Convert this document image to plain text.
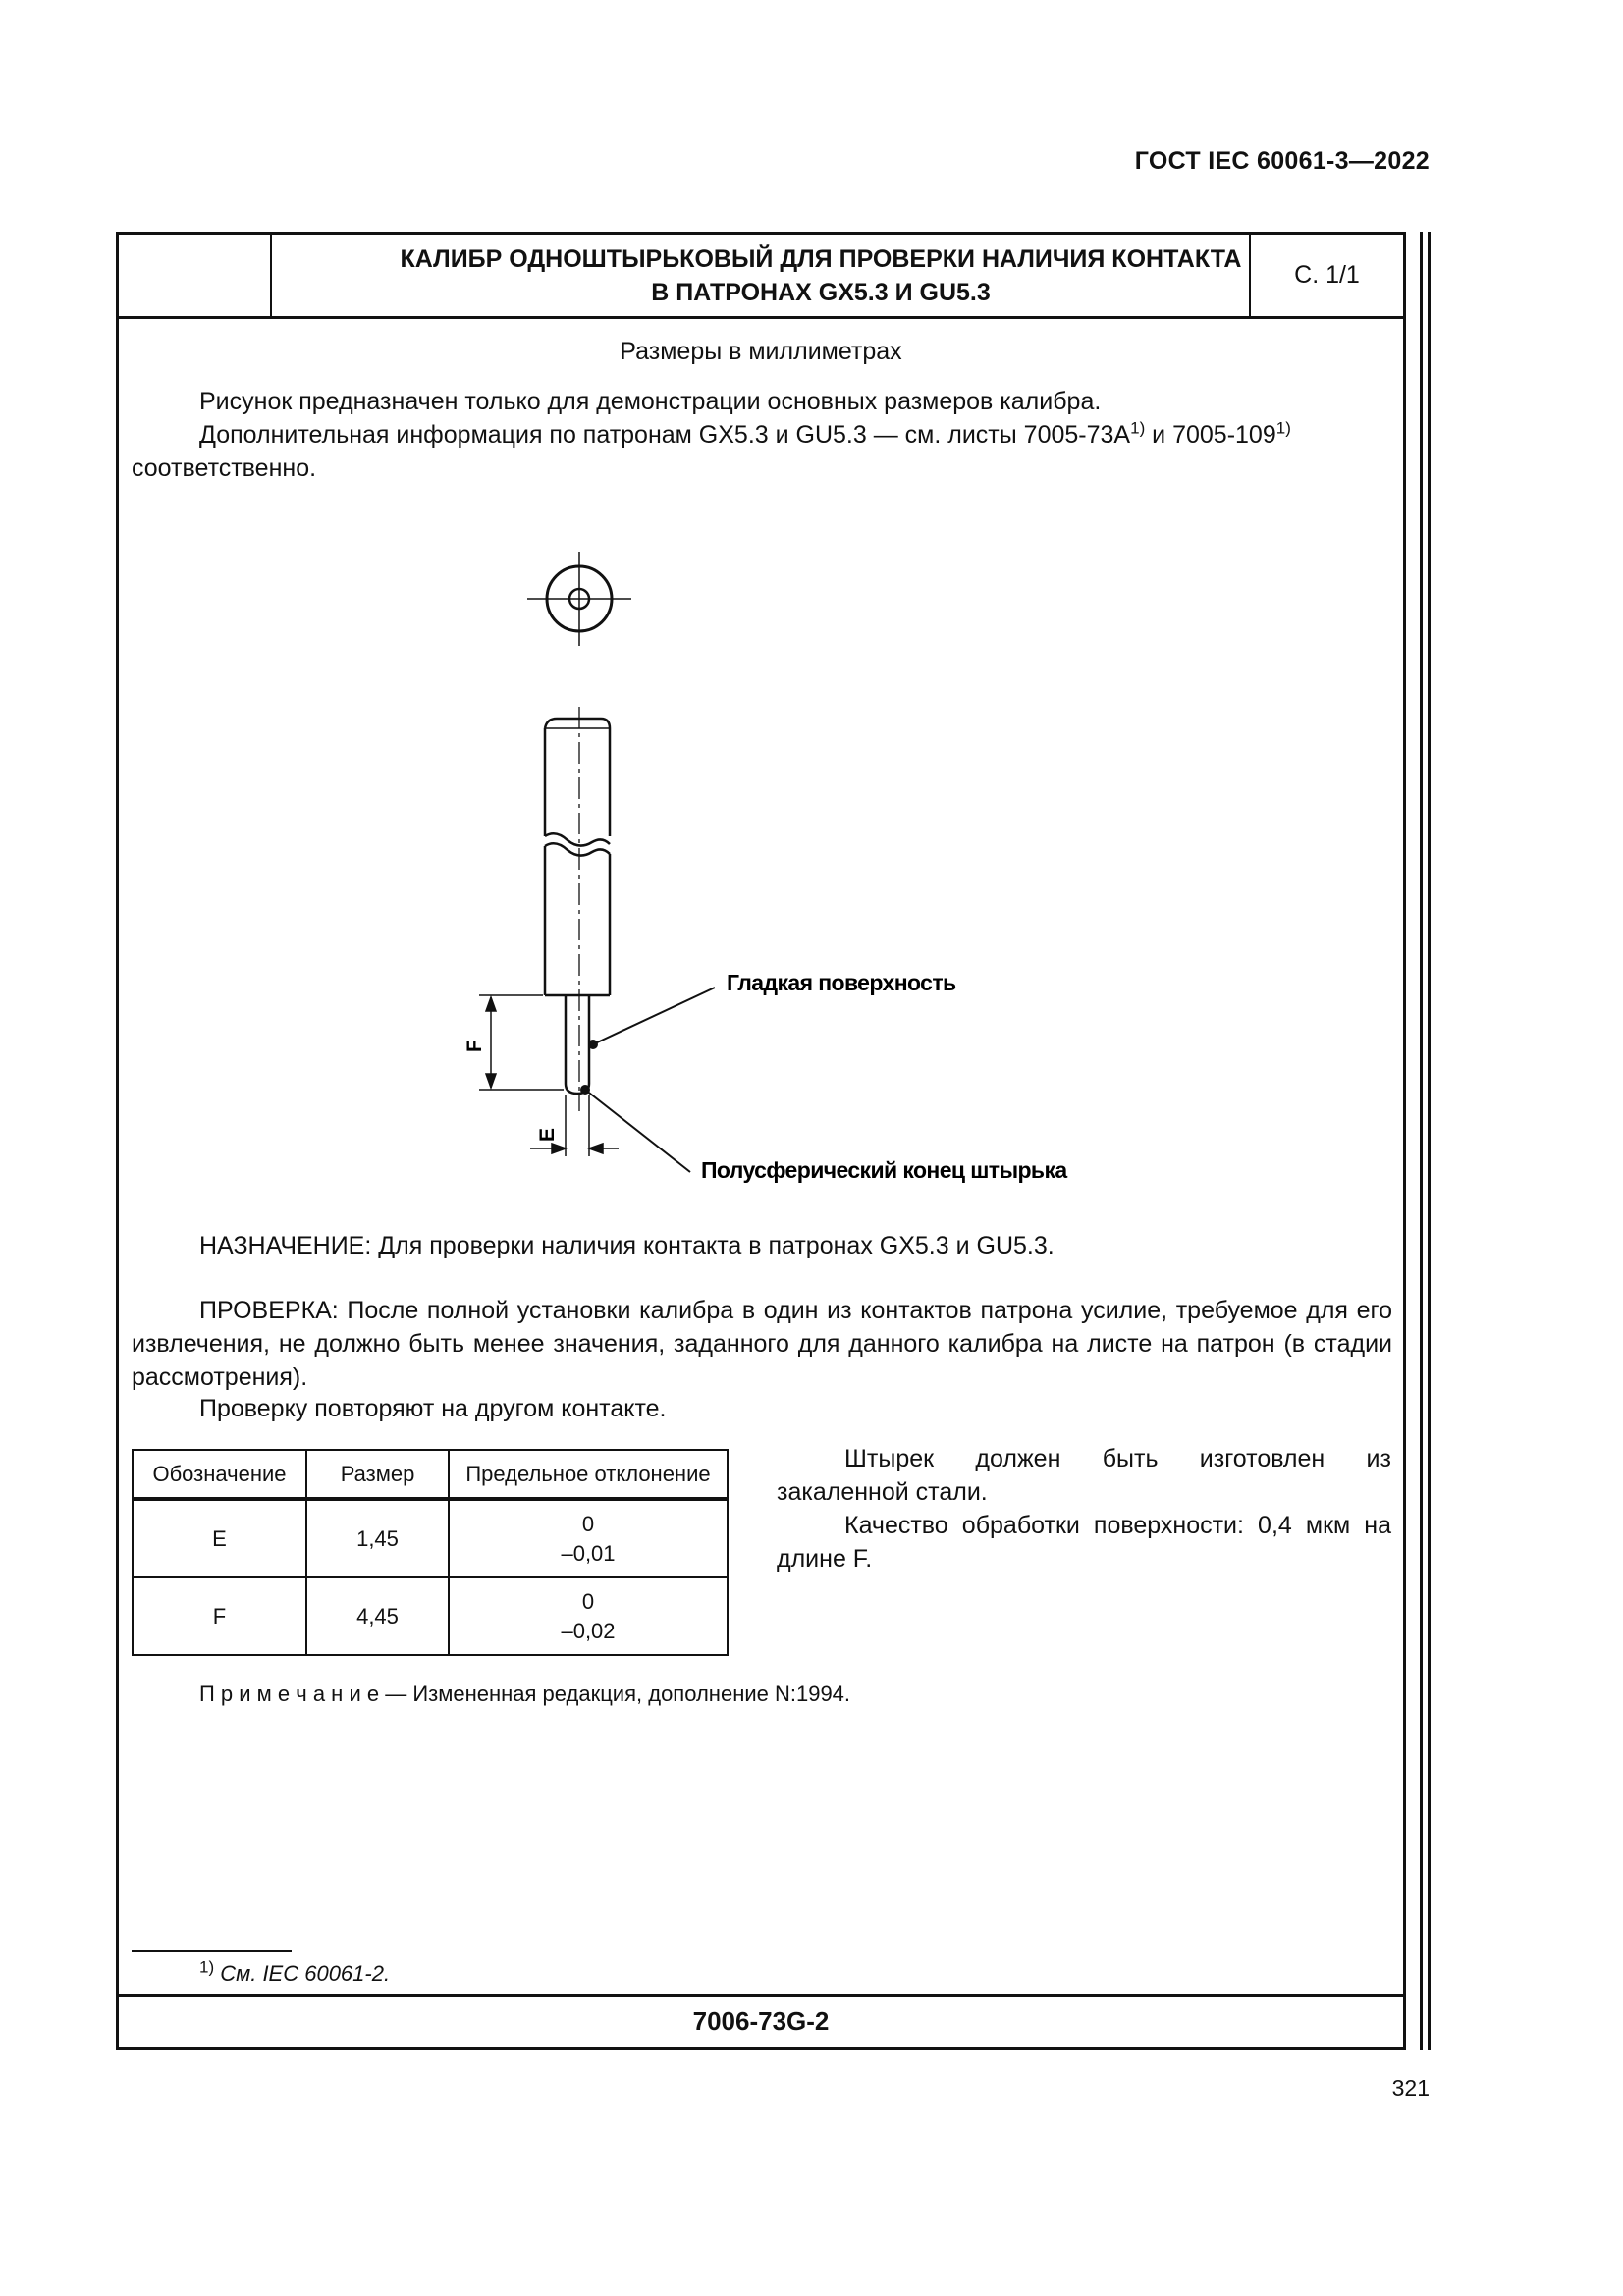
ГОСТ IEC 60061-3—2022
КАЛИБР ОДНОШТЫРЬКОВЫЙ ДЛЯ ПРОВЕРКИ НАЛИЧИЯ КОНТАКТА
В ПАТРОНАХ GX5.3 И GU5.3
С. 1/1
7006-73G-2
Размеры в миллиметрах
Рисунок предназначен только для демонстрации основных размеров калибра.
Дополнительная информация по патронам GX5.3 и GU5.3 — см. листы $7005-73A^{1)}$ и 7005-109$^{1)}$
соответственно.
F
E
Гладкая поверхность
Полусферический конец штырька
НАЗНАЧЕНИЕ: Для проверки наличия контакта в патронах GX5.3 и GU5.3.
ПРОВЕРКА: После полной установки калибра в один из контактов патрона усилие, требуемое для его извлечения, не должно быть менее значения, заданного для данного калибра на листе на патрон (в стадии рассмотрения).
Проверку повторяют на другом контакте.
Обозначение	Размер	Предельное отклонение
E	1,45	0
–0,01

F	4,45	0
–0,02
Штырек должен быть изготовлен из закаленной стали.
Качество обработки поверхности: 0,4 мкм на длине F.
П р и м е ч а н и е — Измененная редакция, дополнение N:1994.
$^{1)}$ См. IEC 60061-2.
321
